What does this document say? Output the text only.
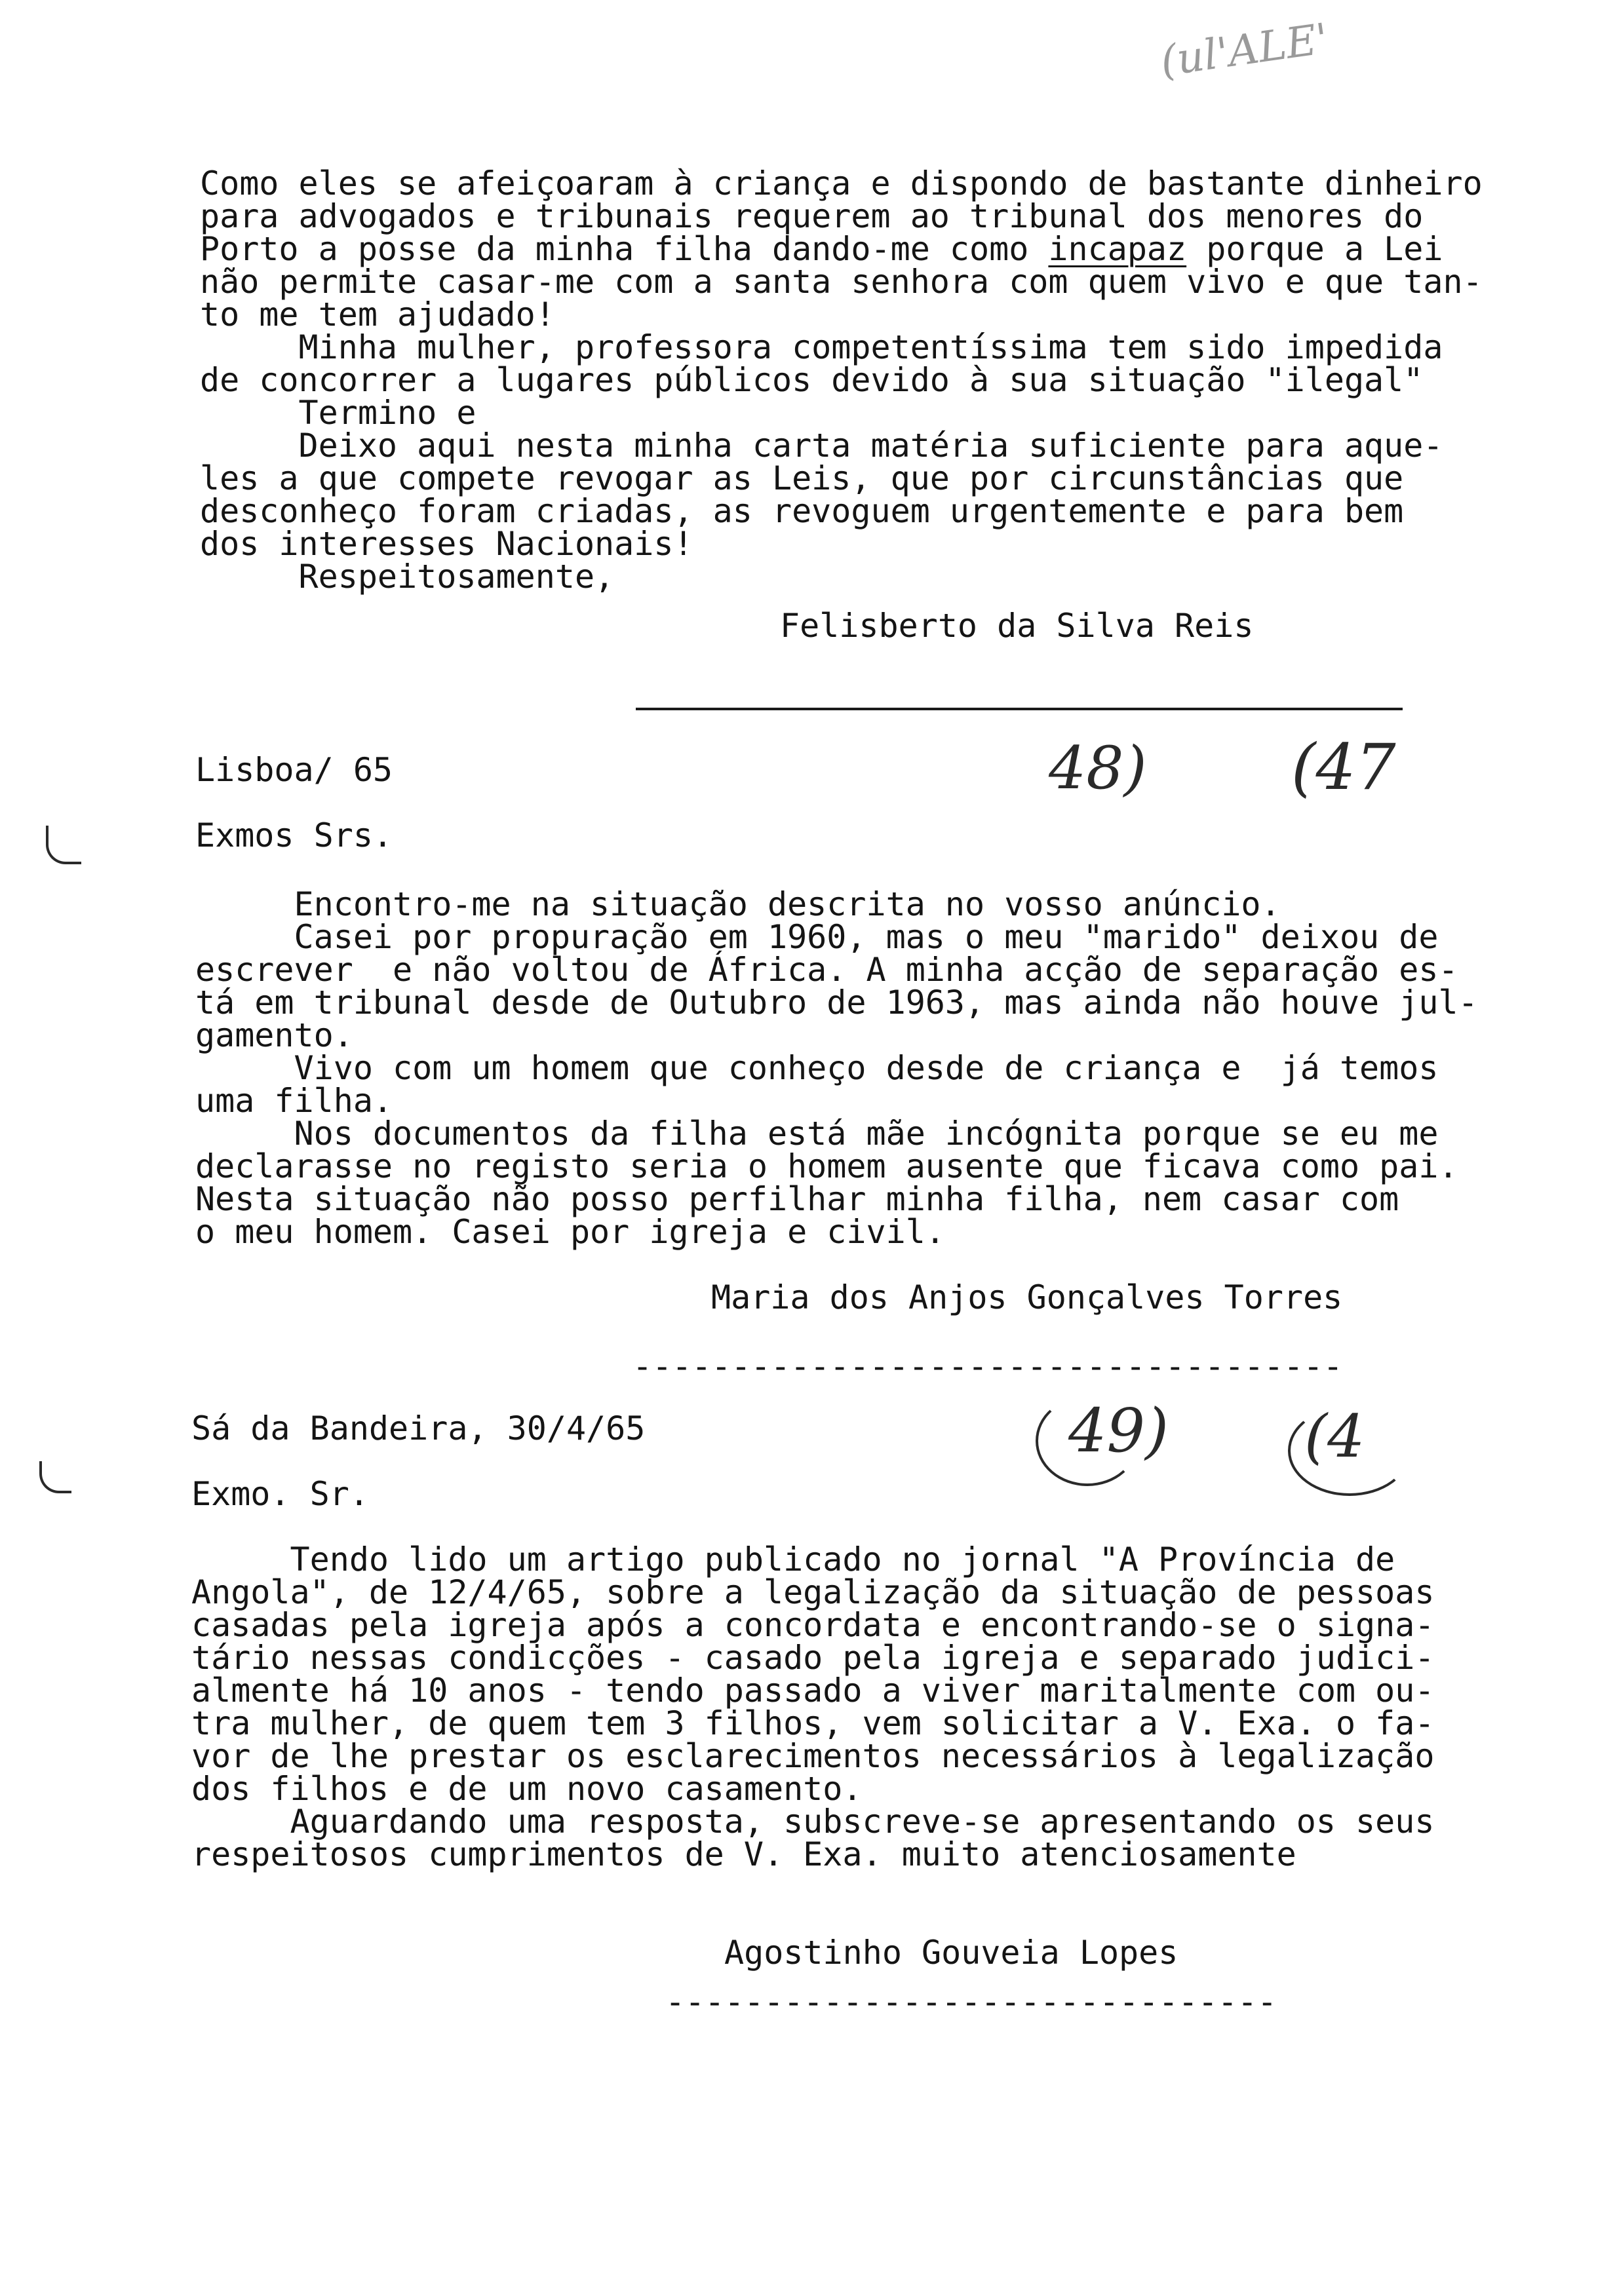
(ul'ALE'
Como eles se afeiçoaram à criança e dispondo de bastante dinheiro
para advogados e tribunais requerem ao tribunal dos menores do
Porto a posse da minha filha dando-me como incapaz porque a Lei
não permite casar-me com a santa senhora com quem vivo e que tan-
to me tem ajudado!
Minha mulher, professora competentíssima tem sido impedida
de concorrer a lugares públicos devido à sua situação "ilegal"
Termino e
Deixo aqui nesta minha carta matéria suficiente para aque-
les a que compete revogar as Leis, que por circunstâncias que
desconheço foram criadas, as revoguem urgentemente e para bem
dos interesses Nacionais!
Respeitosamente,
Felisberto da Silva Reis
Lisboa/ 65	48) (47
Exmos Srs.
Encontro-me na situação descrita no vosso anúncio.
Casei por propuração em 1960, mas o meu "marido" deixou de
escrever  e não voltou de África. A minha acção de separação es-
tá em tribunal desde de Outubro de 1963, mas ainda não houve jul-
gamento.
Vivo com um homem que conheço desde de criança e  já temos
uma filha.
Nos documentos da filha está mãe incógnita porque se eu me
declarasse no registo seria o homem ausente que ficava como pai.
Nesta situação não posso perfilhar minha filha, nem casar com
o meu homem. Casei por igreja e civil.
Maria dos Anjos Gonçalves Torres
------------------------------------
Sá da Bandeira, 30/4/65	49) (4
Exmo. Sr.
Tendo lido um artigo publicado no jornal "A Província de
Angola", de 12/4/65, sobre a legalização da situação de pessoas
casadas pela igreja após a concordata e encontrando-se o signa-
tário nessas condicções - casado pela igreja e separado judici-
almente há 10 anos - tendo passado a viver maritalmente com ou-
tra mulher, de quem tem 3 filhos, vem solicitar a V. Exa. o fa-
vor de lhe prestar os esclarecimentos necessários à legalização
dos filhos e de um novo casamento.
Aguardando uma resposta, subscreve-se apresentando os seus
respeitosos cumprimentos de V. Exa. muito atenciosamente
Agostinho Gouveia Lopes
-------------------------------
